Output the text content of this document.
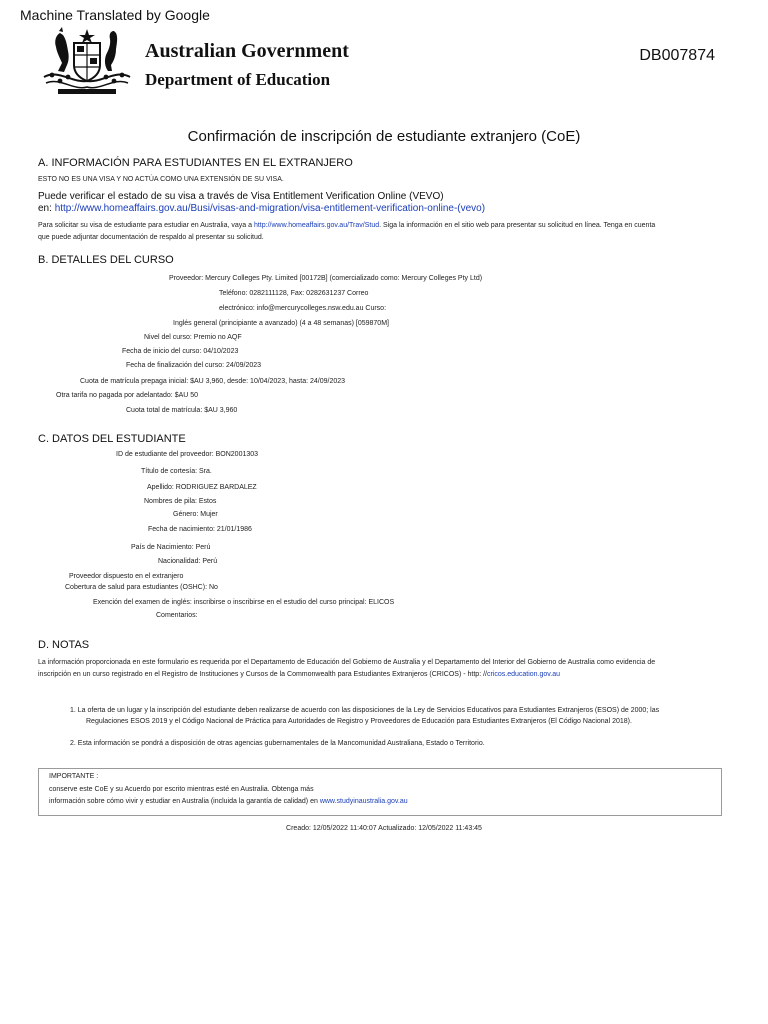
Machine Translated by Google
Australian Government
Department of Education
DB007874
Confirmación de inscripción de estudiante extranjero (CoE)
A. INFORMACIÓN PARA ESTUDIANTES EN EL EXTRANJERO
ESTO NO ES UNA VISA Y NO ACTÚA COMO UNA EXTENSIÓN DE SU VISA.
Puede verificar el estado de su visa a través de Visa Entitlement Verification Online (VEVO)
en: http://www.homeaffairs.gov.au/Busi/visas-and-migration/visa-entitlement-verification-online-(vevo)
Para solicitar su visa de estudiante para estudiar en Australia, vaya a http://www.homeaffairs.gov.au/Trav/Stud. Siga la información en el sitio web para presentar su solicitud en línea. Tenga en cuenta
que puede adjuntar documentación de respaldo al presentar su solicitud.
B. DETALLES DEL CURSO
Proveedor: Mercury Colleges Pty. Limited [00172B] (comercializado como: Mercury Colleges Pty Ltd)
Teléfono: 0282111128, Fax: 0282631237 Correo
electrónico: info@mercurycolleges.nsw.edu.au Curso:
Inglés general (principiante a avanzado) (4 a 48 semanas) [059870M]
Nivel del curso: Premio no AQF
Fecha de inicio del curso: 04/10/2023
Fecha de finalización del curso: 24/09/2023
Cuota de matrícula prepaga inicial: $AU 3,960, desde: 10/04/2023, hasta: 24/09/2023
Otra tarifa no pagada por adelantado: $AU 50
Cuota total de matrícula: $AU 3,960
C. DATOS DEL ESTUDIANTE
ID de estudiante del proveedor: BON2001303
Título de cortesía: Sra.
Apellido: RODRIGUEZ BARDALEZ
Nombres de pila: Estos
Género: Mujer
Fecha de nacimiento: 21/01/1986
País de Nacimiento: Perú
Nacionalidad: Perú
Proveedor dispuesto en el extranjero
Cobertura de salud para estudiantes (OSHC): No
Exención del examen de inglés: inscribirse o inscribirse en el estudio del curso principal: ELICOS
Comentarios:
D. NOTAS
La información proporcionada en este formulario es requerida por el Departamento de Educación del Gobierno de Australia y el Departamento del Interior del Gobierno de Australia como evidencia de
inscripción en un curso registrado en el Registro de Instituciones y Cursos de la Commonwealth para Estudiantes Extranjeros (CRICOS) - http: //cricos.education.gov.au
1. La oferta de un lugar y la inscripción del estudiante deben realizarse de acuerdo con las disposiciones de la Ley de Servicios Educativos para Estudiantes Extranjeros (ESOS) de 2000; las
Regulaciones ESOS 2019 y el Código Nacional de Práctica para Autoridades de Registro y Proveedores de Educación para Estudiantes Extranjeros (El Código Nacional 2018).
2. Esta información se pondrá a disposición de otras agencias gubernamentales de la Mancomunidad Australiana, Estado o Territorio.
IMPORTANTE :
conserve este CoE y su Acuerdo por escrito mientras esté en Australia. Obtenga más
información sobre cómo vivir y estudiar en Australia (incluida la garantía de calidad) en www.studyinaustralia.gov.au
Creado: 12/05/2022 11:40:07 Actualizado: 12/05/2022 11:43:45
